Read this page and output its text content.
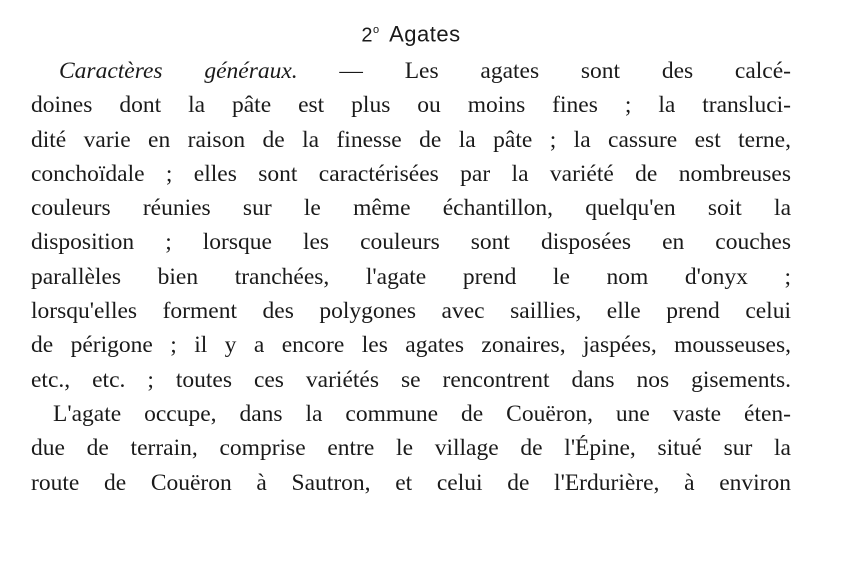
2$^o$ Agates
Caractères généraux. — Les agates sont des calcé-
doines dont la pâte est plus ou moins fines ; la transluci-
dité varie en raison de la finesse de la pâte ; la cassure est terne,
conchoïdale ; elles sont caractérisées par la variété de nombreuses
couleurs réunies sur le même échantillon, quelqu'en soit la
disposition ; lorsque les couleurs sont disposées en couches
parallèles bien tranchées, l'agate prend le nom d'onyx ;
lorsqu'elles forment des polygones avec saillies, elle prend celui
de périgone ; il y a encore les agates zonaires, jaspées, mousseuses,
etc., etc. ; toutes ces variétés se rencontrent dans nos gisements.
L'agate occupe, dans la commune de Couëron, une vaste éten-
due de terrain, comprise entre le village de l'Épine, situé sur la
route de Couëron à Sautron, et celui de l'Erdurière, à environ
